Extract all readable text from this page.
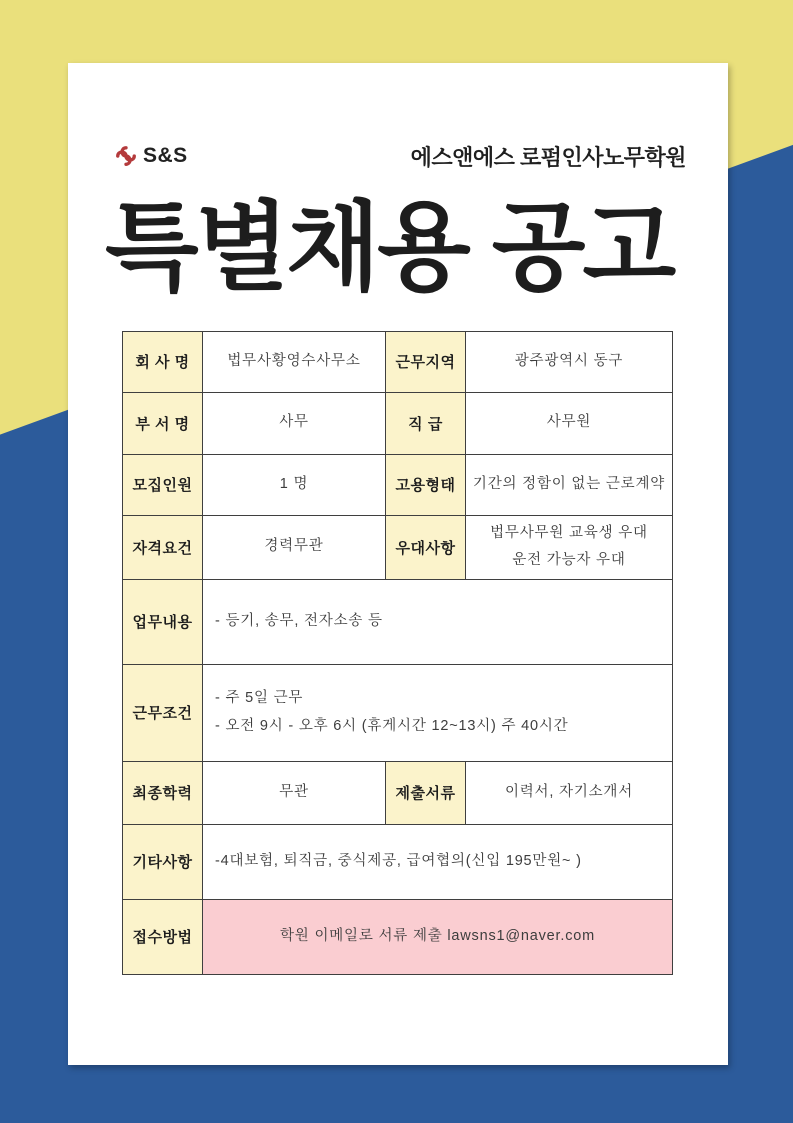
S&S	에스앤에스 로펌인사노무학원
특별채용 공고
회 사 명	법무사황영수사무소	근무지역	광주광역시 동구
부 서 명	사무	직 급	사무원
모집인원	1 명	고용형태	기간의 정함이 없는 근로계약
자격요건	경력무관	우대사항	법무사무원 교육생 우대
운전 가능자 우대

업무내용	- 등기, 송무, 전자소송 등		
근무조건	- 주 5일 근무
- 오전 9시 - 오후 6시 (휴게시간 12~13시) 주 40시간		

최종학력	무관	제출서류	이력서, 자기소개서
기타사항	-4대보험, 퇴직금, 중식제공, 급여협의(신입 195만원~ )		
접수방법	학원 이메일로 서류 제출 lawsns1@naver.com		
